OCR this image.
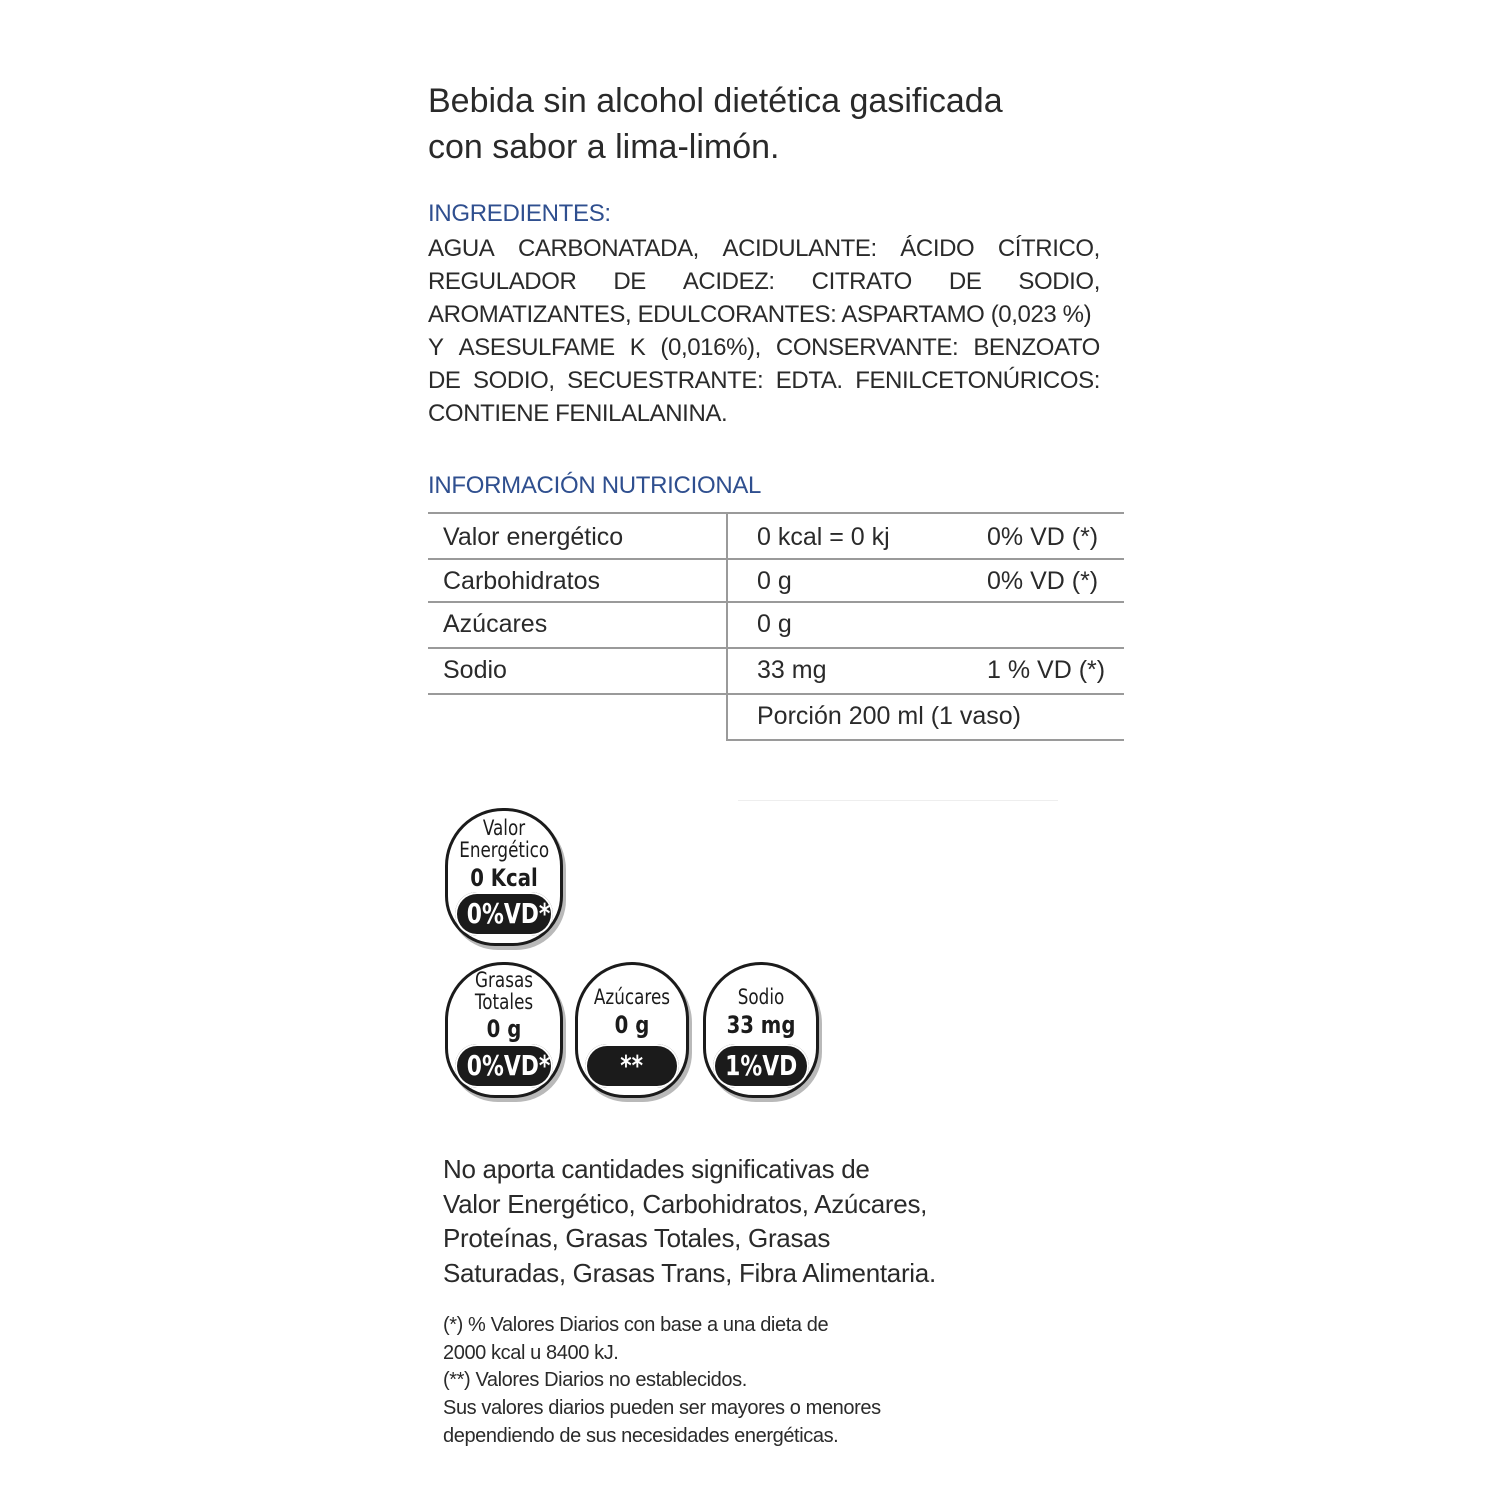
Bebida sin alcohol dietética gasificada
con sabor a lima-limón.
INGREDIENTES:
AGUA CARBONATADA, ACIDULANTE: ÁCIDO CÍTRICO,
REGULADOR DE ACIDEZ: CITRATO DE SODIO,
AROMATIZANTES, EDULCORANTES: ASPARTAMO (0,023 %)
Y ASESULFAME K (0,016%), CONSERVANTE: BENZOATO
DE SODIO, SECUESTRANTE: EDTA. FENILCETONÚRICOS:
CONTIENE FENILALANINA.
INFORMACIÓN NUTRICIONAL
Valor energético	0 kcal = 0 kj	0% VD (*)
Carbohidratos	0 g	0% VD (*)
Azúcares	0 g
Sodio	33 mg	1 % VD (*)
Porción 200 ml (1 vaso)
Valor
Energético
0 Kcal
0%VD*
Grasas
Totales
0 g
0%VD*
Azúcares
0 g
**
Sodio
33 mg
1%VD
No aporta cantidades significativas de
Valor Energético, Carbohidratos, Azúcares,
Proteínas, Grasas Totales, Grasas
Saturadas, Grasas Trans, Fibra Alimentaria.
(*) % Valores Diarios con base a una dieta de
2000 kcal u 8400 kJ.
(**) Valores Diarios no establecidos.
Sus valores diarios pueden ser mayores o menores
dependiendo de sus necesidades energéticas.
